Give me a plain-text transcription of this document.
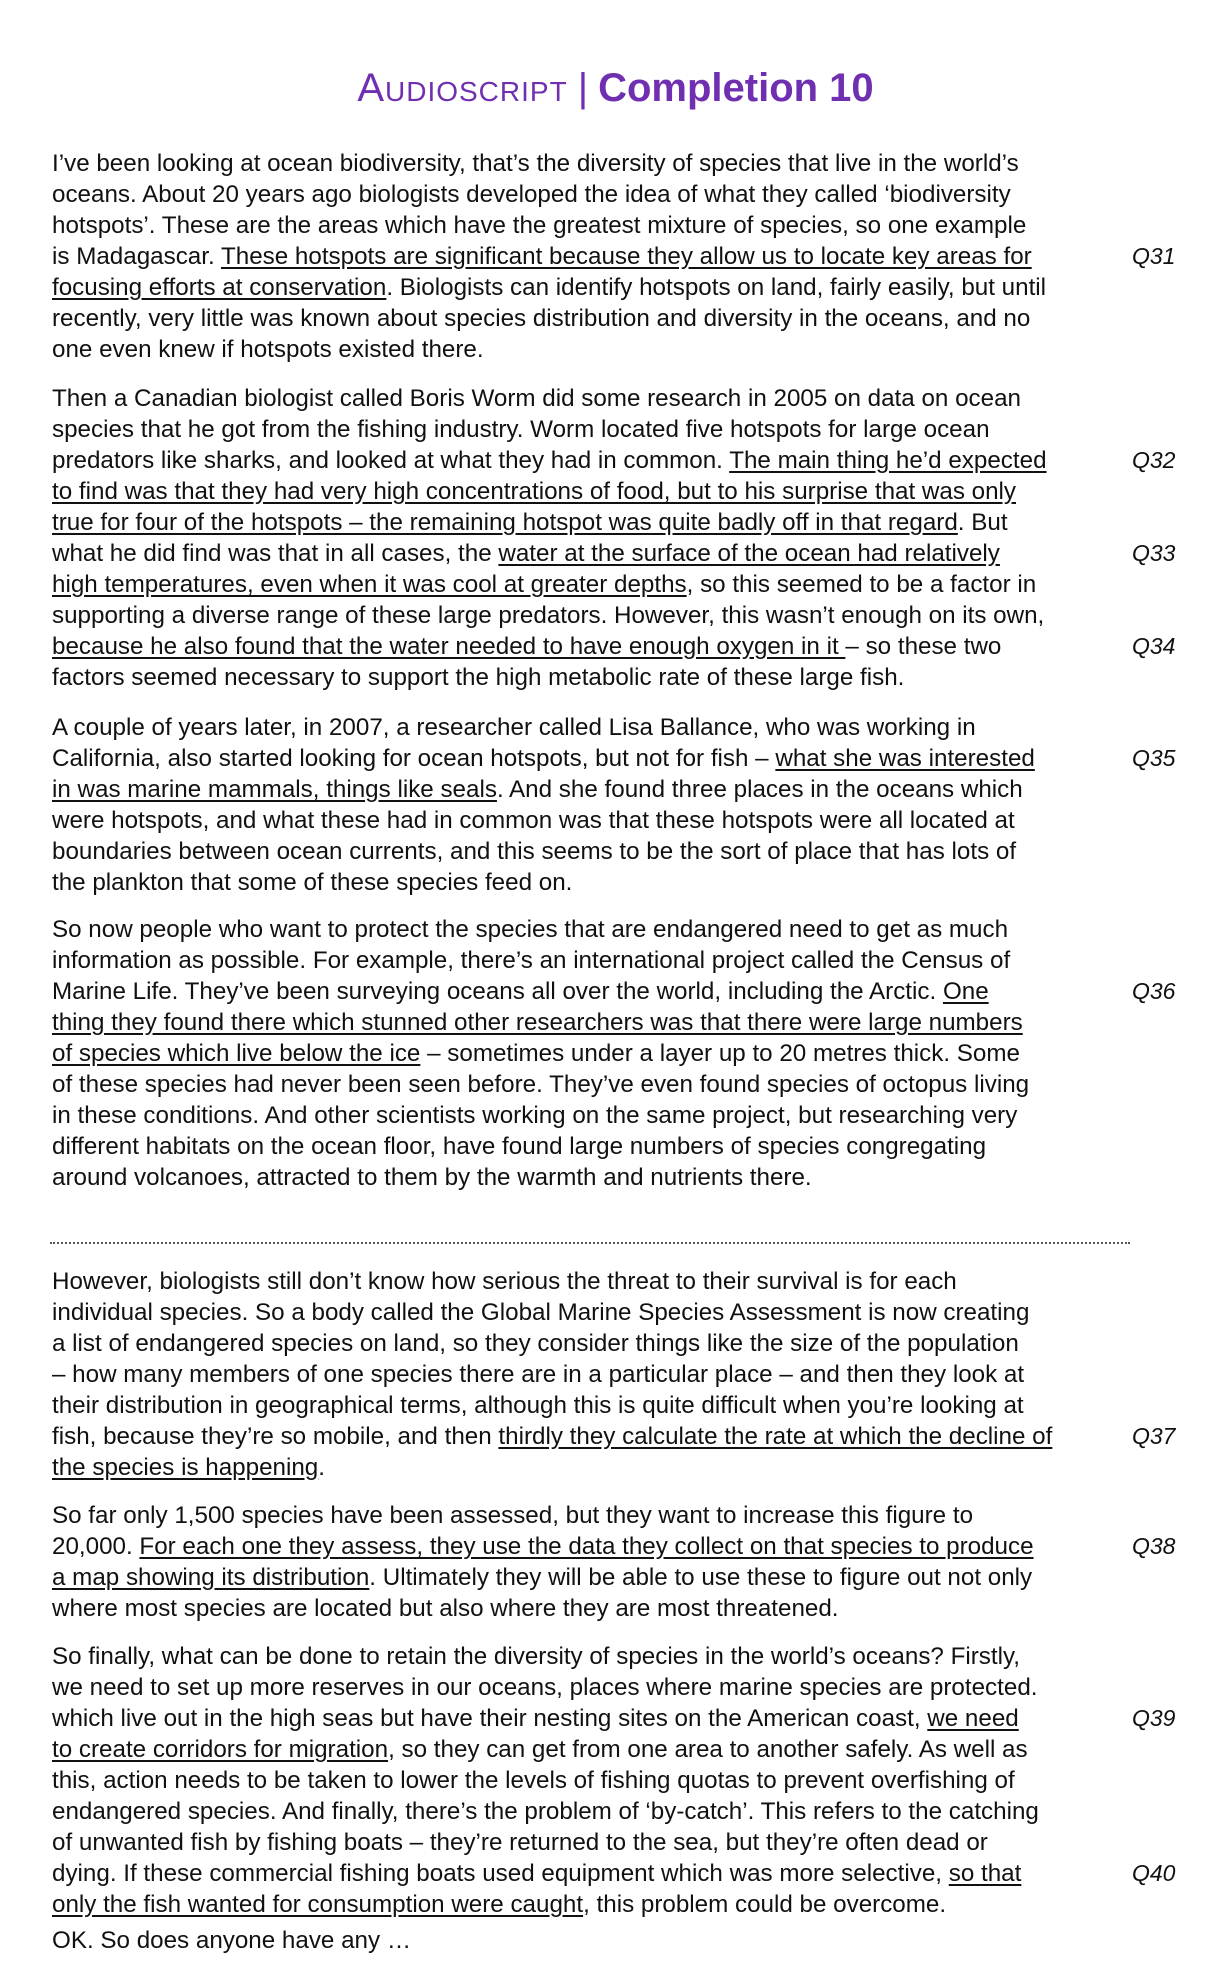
Audioscript | Completion 10
I’ve been looking at ocean biodiversity, that’s the diversity of species that live in the world’s
oceans. About 20 years ago biologists developed the idea of what they called ‘biodiversity
hotspots’. These are the areas which have the greatest mixture of species, so one example
is Madagascar. These hotspots are significant because they allow us to locate key areas for
focusing efforts at conservation. Biologists can identify hotspots on land, fairly easily, but until
recently, very little was known about species distribution and diversity in the oceans, and no
one even knew if hotspots existed there.
Q31
Then a Canadian biologist called Boris Worm did some research in 2005 on data on ocean
species that he got from the fishing industry. Worm located five hotspots for large ocean
predators like sharks, and looked at what they had in common. The main thing he’d expected
to find was that they had very high concentrations of food, but to his surprise that was only
true for four of the hotspots – the remaining hotspot was quite badly off in that regard. But
what he did find was that in all cases, the water at the surface of the ocean had relatively
high temperatures, even when it was cool at greater depths, so this seemed to be a factor in
supporting a diverse range of these large predators. However, this wasn’t enough on its own,
because he also found that the water needed to have enough oxygen in it – so these two
factors seemed necessary to support the high metabolic rate of these large fish.
Q32
Q33
Q34
A couple of years later, in 2007, a researcher called Lisa Ballance, who was working in
California, also started looking for ocean hotspots, but not for fish – what she was interested
in was marine mammals, things like seals. And she found three places in the oceans which
were hotspots, and what these had in common was that these hotspots were all located at
boundaries between ocean currents, and this seems to be the sort of place that has lots of
the plankton that some of these species feed on.
Q35
So now people who want to protect the species that are endangered need to get as much
information as possible. For example, there’s an international project called the Census of
Marine Life. They’ve been surveying oceans all over the world, including the Arctic. One
thing they found there which stunned other researchers was that there were large numbers
of species which live below the ice – sometimes under a layer up to 20 metres thick. Some
of these species had never been seen before. They’ve even found species of octopus living
in these conditions. And other scientists working on the same project, but researching very
different habitats on the ocean floor, have found large numbers of species congregating
around volcanoes, attracted to them by the warmth and nutrients there.
Q36
However, biologists still don’t know how serious the threat to their survival is for each
individual species. So a body called the Global Marine Species Assessment is now creating
a list of endangered species on land, so they consider things like the size of the population
– how many members of one species there are in a particular place – and then they look at
their distribution in geographical terms, although this is quite difficult when you’re looking at
fish, because they’re so mobile, and then thirdly they calculate the rate at which the decline of
the species is happening.
Q37
So far only 1,500 species have been assessed, but they want to increase this figure to
20,000. For each one they assess, they use the data they collect on that species to produce
a map showing its distribution. Ultimately they will be able to use these to figure out not only
where most species are located but also where they are most threatened.
Q38
So finally, what can be done to retain the diversity of species in the world’s oceans? Firstly,
we need to set up more reserves in our oceans, places where marine species are protected.
which live out in the high seas but have their nesting sites on the American coast, we need
to create corridors for migration, so they can get from one area to another safely. As well as
this, action needs to be taken to lower the levels of fishing quotas to prevent overfishing of
endangered species. And finally, there’s the problem of ‘by-catch’. This refers to the catching
of unwanted fish by fishing boats – they’re returned to the sea, but they’re often dead or
dying. If these commercial fishing boats used equipment which was more selective, so that
only the fish wanted for consumption were caught, this problem could be overcome.
Q39
Q40
OK. So does anyone have any …
